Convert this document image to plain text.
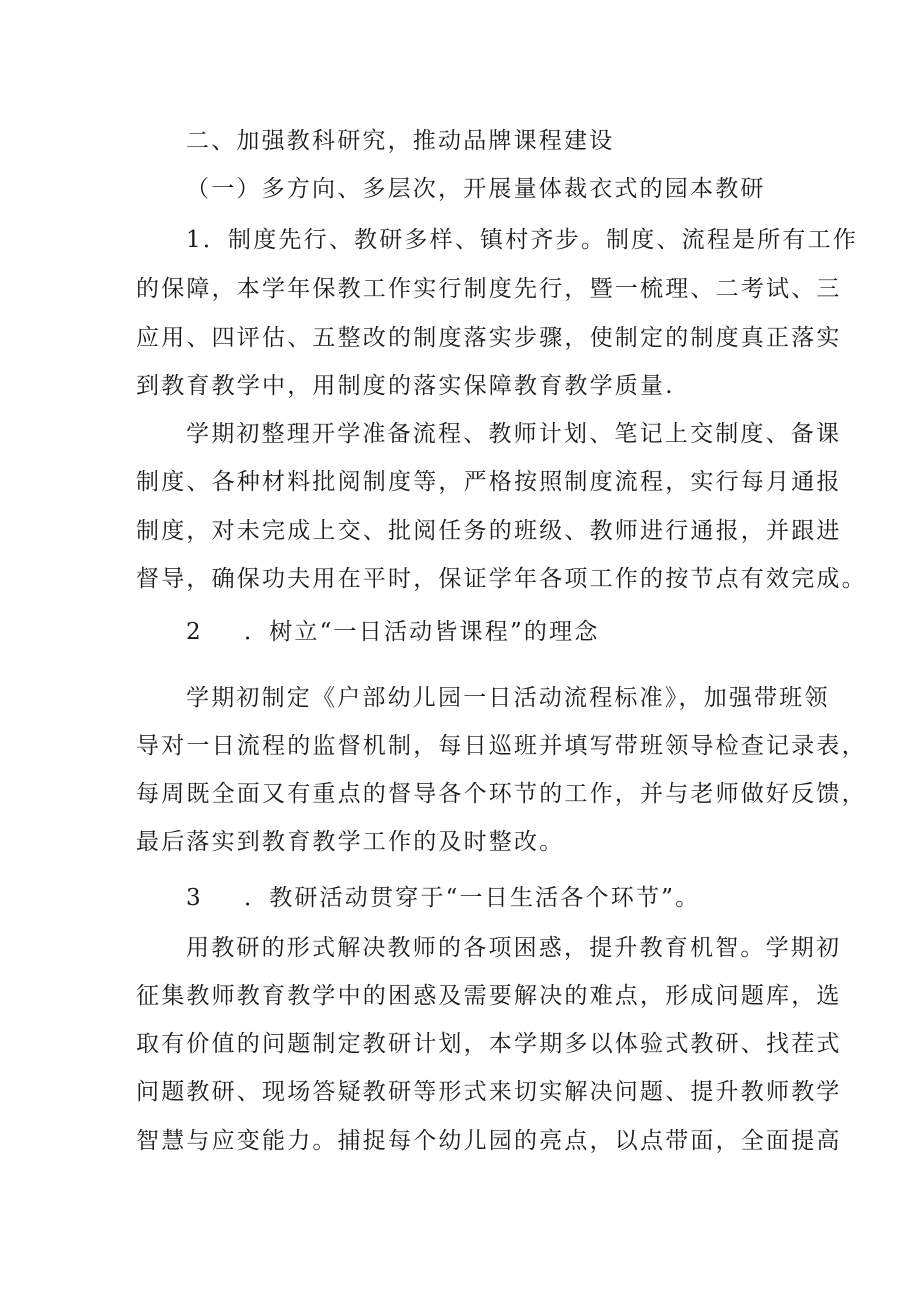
二、加强教科研究，推动品牌课程建设
（一）多方向、多层次，开展量体裁衣式的园本教研
1．制度先行、教研多样、镇村齐步。制度、流程是所有工作
的保障，本学年保教工作实行制度先行，暨一梳理、二考试、三
应用、四评估、五整改的制度落实步骤，使制定的制度真正落实
到教育教学中，用制度的落实保障教育教学质量.
学期初整理开学准备流程、教师计划、笔记上交制度、备课
制度、各种材料批阅制度等，严格按照制度流程，实行每月通报
制度，对未完成上交、批阅任务的班级、教师进行通报，并跟进
督导，确保功夫用在平时，保证学年各项工作的按节点有效完成。
2 ．树立“一日活动皆课程”的理念
学期初制定《户部幼儿园一日活动流程标准》，加强带班领
导对一日流程的监督机制，每日巡班并填写带班领导检查记录表，
每周既全面又有重点的督导各个环节的工作，并与老师做好反馈，
最后落实到教育教学工作的及时整改。
3 ．教研活动贯穿于“一日生活各个环节”。
用教研的形式解决教师的各项困惑，提升教育机智。学期初
征集教师教育教学中的困惑及需要解决的难点，形成问题库，选
取有价值的问题制定教研计划，本学期多以体验式教研、找茬式
问题教研、现场答疑教研等形式来切实解决问题、提升教师教学
智慧与应变能力。捕捉每个幼儿园的亮点，以点带面，全面提高
